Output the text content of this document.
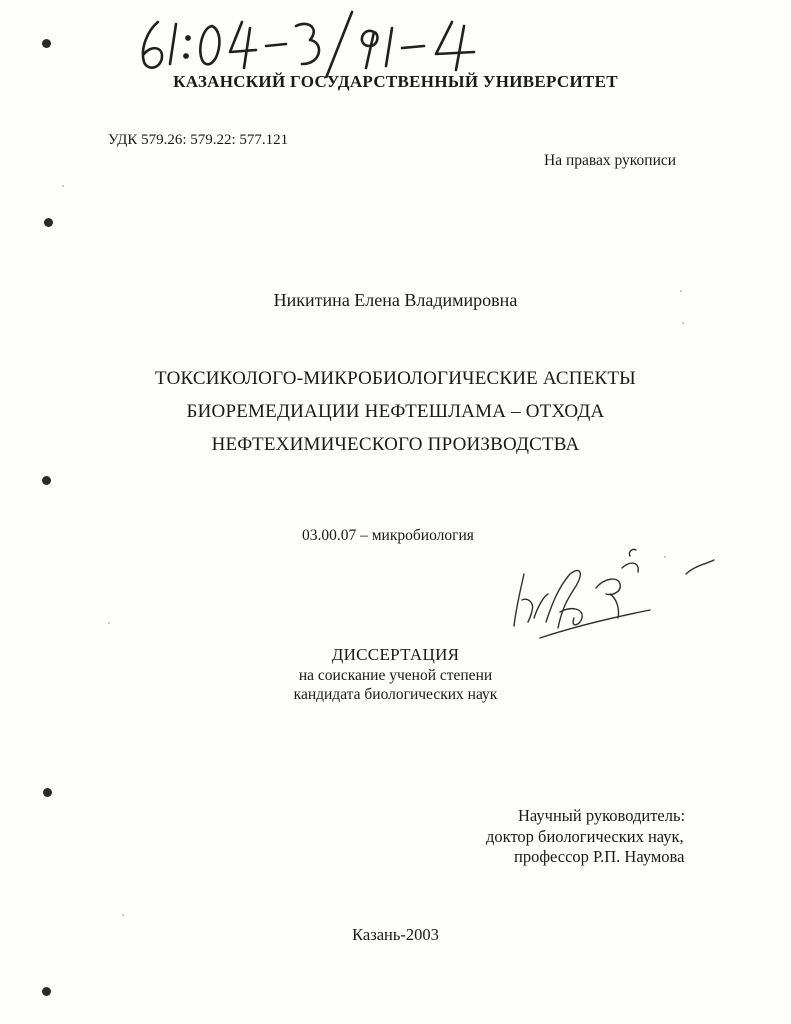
КАЗАНСКИЙ ГОСУДАРСТВЕННЫЙ УНИВЕРСИТЕТ
УДК 579.26: 579.22: 577.121
На правах рукописи
Никитина Елена Владимировна
ТОКСИКОЛОГО-МИКРОБИОЛОГИЧЕСКИЕ АСПЕКТЫ
БИОРЕМЕДИАЦИИ НЕФТЕШЛАМА – ОТХОДА
НЕФТЕХИМИЧЕСКОГО ПРОИЗВОДСТВА
03.00.07 – микробиология
ДИССЕРТАЦИЯ
на соискание ученой степени
кандидата биологических наук
Научный руководитель:
доктор биологических наук,
профессор Р.П. Наумова
Казань-2003
